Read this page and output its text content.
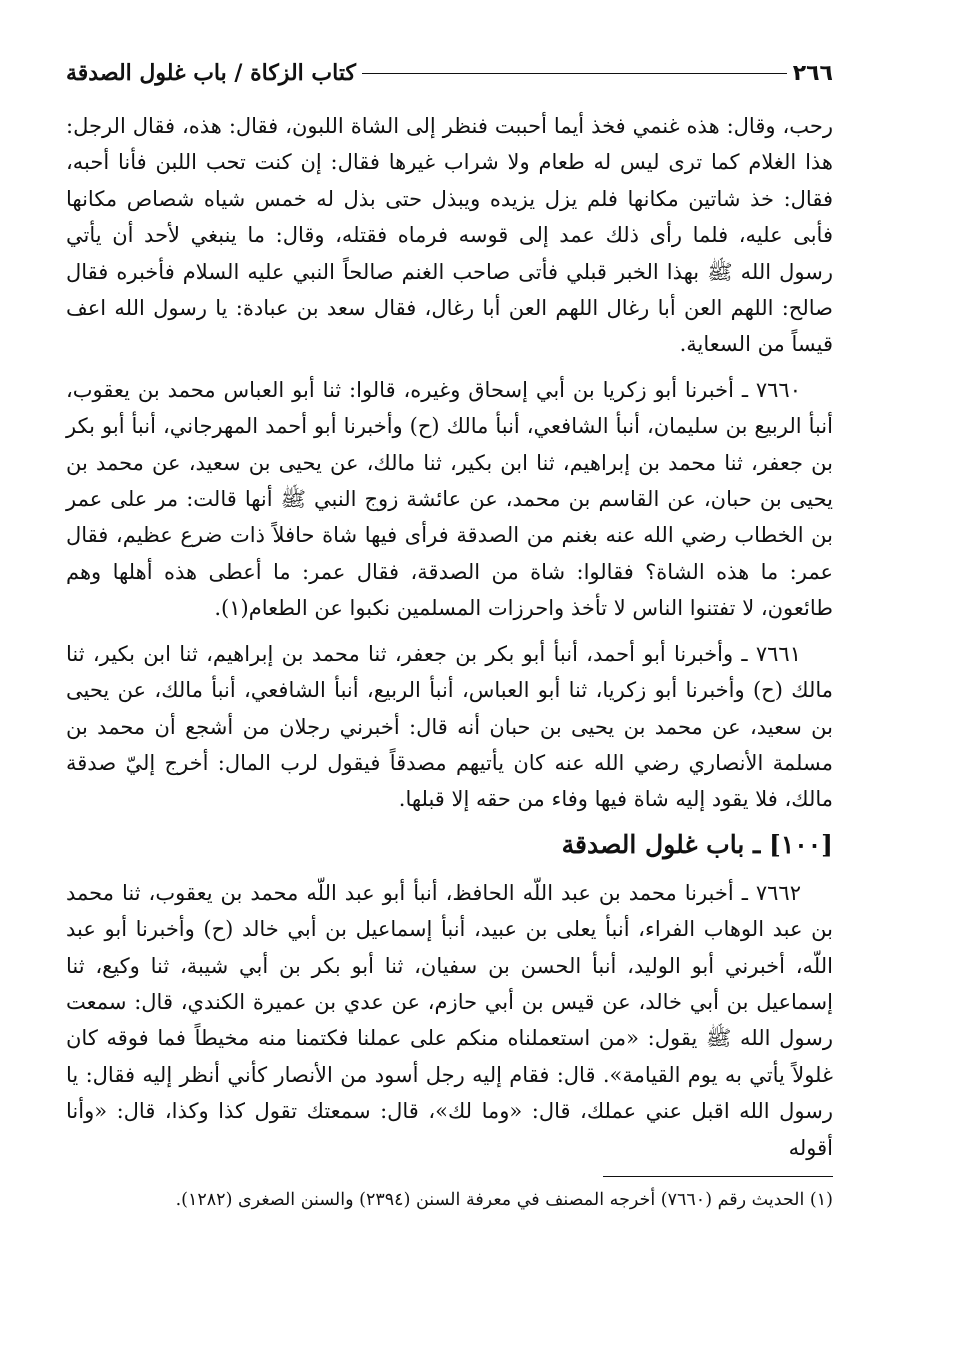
٢٦٦
كتاب الزكاة / باب غلول الصدقة

رحب، وقال: هذه غنمي فخذ أيما أحببت فنظر إلى الشاة اللبون، فقال: هذه، فقال الرجل: هذا الغلام كما ترى ليس له طعام ولا شراب غيرها فقال: إن كنت تحب اللبن فأنا أحبه، فقال: خذ شاتين مكانها فلم يزل يزيده ويبذل حتى بذل له خمس شياه شصاص مكانها فأبى عليه، فلما رأى ذلك عمد إلى قوسه فرماه فقتله، وقال: ما ينبغي لأحد أن يأتي رسول الله ﷺ بهذا الخبر قبلي فأتى صاحب الغنم صالحاً النبي عليه السلام فأخبره فقال صالح: اللهم العن أبا رغال اللهم العن أبا رغال، فقال سعد بن عبادة: يا رسول الله اعف قيساً من السعاية.

٧٦٦٠ ـ أخبرنا أبو زكريا بن أبي إسحاق وغيره، قالوا: ثنا أبو العباس محمد بن يعقوب، أنبأ الربيع بن سليمان، أنبأ الشافعي، أنبأ مالك (ح) وأخبرنا أبو أحمد المهرجاني، أنبأ أبو بكر بن جعفر، ثنا محمد بن إبراهيم، ثنا ابن بكير، ثنا مالك، عن يحيى بن سعيد، عن محمد بن يحيى بن حبان، عن القاسم بن محمد، عن عائشة زوج النبي ﷺ أنها قالت: مر على عمر بن الخطاب رضي الله عنه بغنم من الصدقة فرأى فيها شاة حافلاً ذات ضرع عظيم، فقال عمر: ما هذه الشاة؟ فقالوا: شاة من الصدقة، فقال عمر: ما أعطى هذه أهلها وهم طائعون، لا تفتنوا الناس لا تأخذ واحرزات المسلمين نكبوا عن الطعام(١).

٧٦٦١ ـ وأخبرنا أبو أحمد، أنبأ أبو بكر بن جعفر، ثنا محمد بن إبراهيم، ثنا ابن بكير، ثنا مالك (ح) وأخبرنا أبو زكريا، ثنا أبو العباس، أنبأ الربيع، أنبأ الشافعي، أنبأ مالك، عن يحيى بن سعيد، عن محمد بن يحيى بن حبان أنه قال: أخبرني رجلان من أشجع أن محمد بن مسلمة الأنصاري رضي الله عنه كان يأتيهم مصدقاً فيقول لرب المال: أخرج إليّ صدقة مالك، فلا يقود إليه شاة فيها وفاء من حقه إلا قبلها.

[١٠٠] ـ باب غلول الصدقة

٧٦٦٢ ـ أخبرنا محمد بن عبد اللّه الحافظ، أنبأ أبو عبد اللّه محمد بن يعقوب، ثنا محمد بن عبد الوهاب الفراء، أنبأ يعلى بن عبيد، أنبأ إسماعيل بن أبي خالد (ح) وأخبرنا أبو عبد اللّه، أخبرني أبو الوليد، أنبأ الحسن بن سفيان، ثنا أبو بكر بن أبي شيبة، ثنا وكيع، ثنا إسماعيل بن أبي خالد، عن قيس بن أبي حازم، عن عدي بن عميرة الكندي، قال: سمعت رسول الله ﷺ يقول: «من استعملناه منكم على عملنا فكتمنا منه مخيطاً فما فوقه كان غلولاً يأتي به يوم القيامة». قال: فقام إليه رجل أسود من الأنصار كأني أنظر إليه فقال: يا رسول الله اقبل عني عملك، قال: «وما لك»، قال: سمعتك تقول كذا وكذا، قال: «وأنا أقوله

(١) الحديث رقم (٧٦٦٠) أخرجه المصنف في معرفة السنن (٢٣٩٤) والسنن الصغرى (١٢٨٢).
